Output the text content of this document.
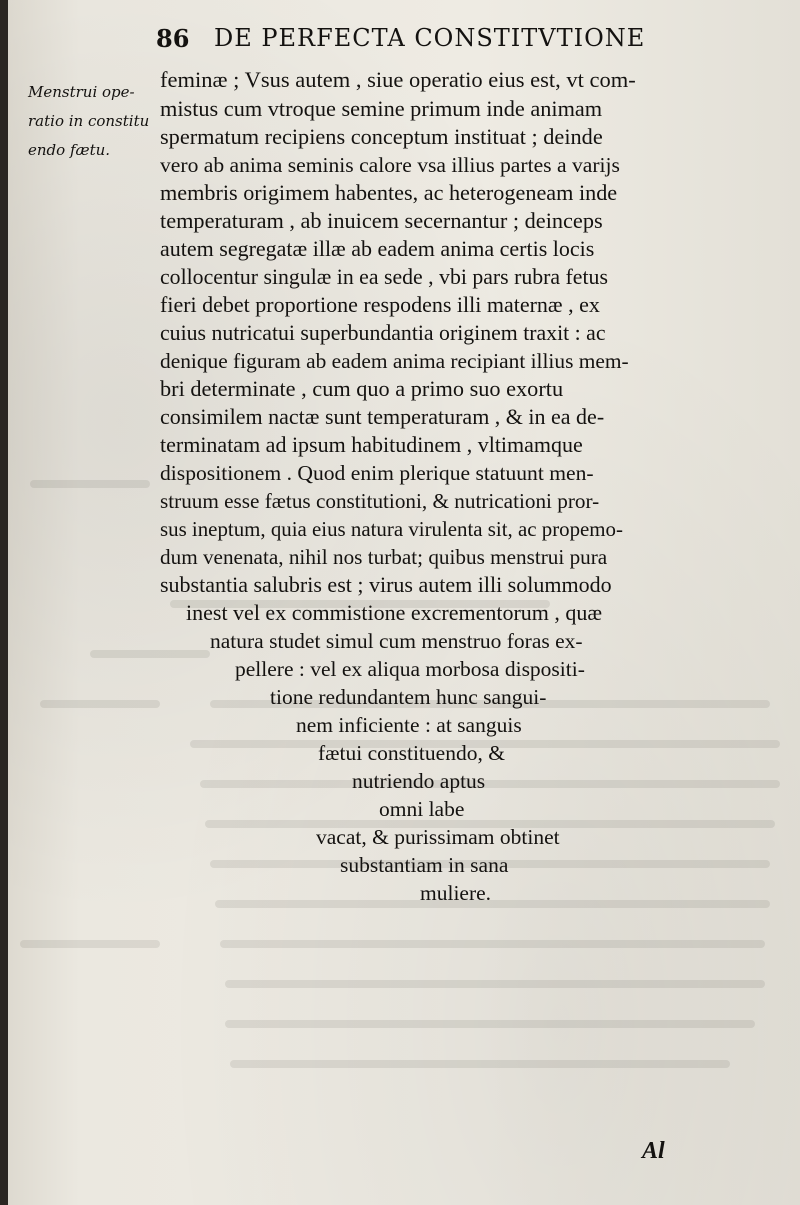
86 DE PERFECTA CONSTITVTIONE
Menstrui ope-
ratio in constitu
endo fætu.
feminæ ; Vsus autem , siue operatio eius est, vt com-
mistus cum vtroque semine primum inde animam
spermatum recipiens conceptum instituat ; deinde
vero ab anima seminis calore vsa illius partes a varijs
membris origimem habentes, ac heterogeneam inde
temperaturam , ab inuicem secernantur ; deinceps
autem segregatæ illæ ab eadem anima certis locis
collocentur singulæ in ea sede , vbi pars rubra fetus
fieri debet proportione respodens illi maternæ , ex
cuius nutricatui superbundantia originem traxit : ac
denique figuram ab eadem anima recipiant illius mem-
bri determinate , cum quo a primo suo exortu
consimilem nactæ sunt temperaturam , & in ea de-
terminatam ad ipsum habitudinem , vltimamque
dispositionem . Quod enim plerique statuunt men-
struum esse fætus constitutioni, & nutricationi pror-
sus ineptum, quia eius natura virulenta sit, ac propemo-
dum venenata, nihil nos turbat; quibus menstrui pura
substantia salubris est ; virus autem illi solummodo
inest vel ex commistione excrementorum , quæ
natura studet simul cum menstruo foras ex-
pellere : vel ex aliqua morbosa dispositi-
tione redundantem hunc sangui-
nem inficiente : at sanguis
fætui constituendo, &
nutriendo aptus
omni labe
vacat, & purissimam obtinet
substantiam in sana
muliere.
Al
